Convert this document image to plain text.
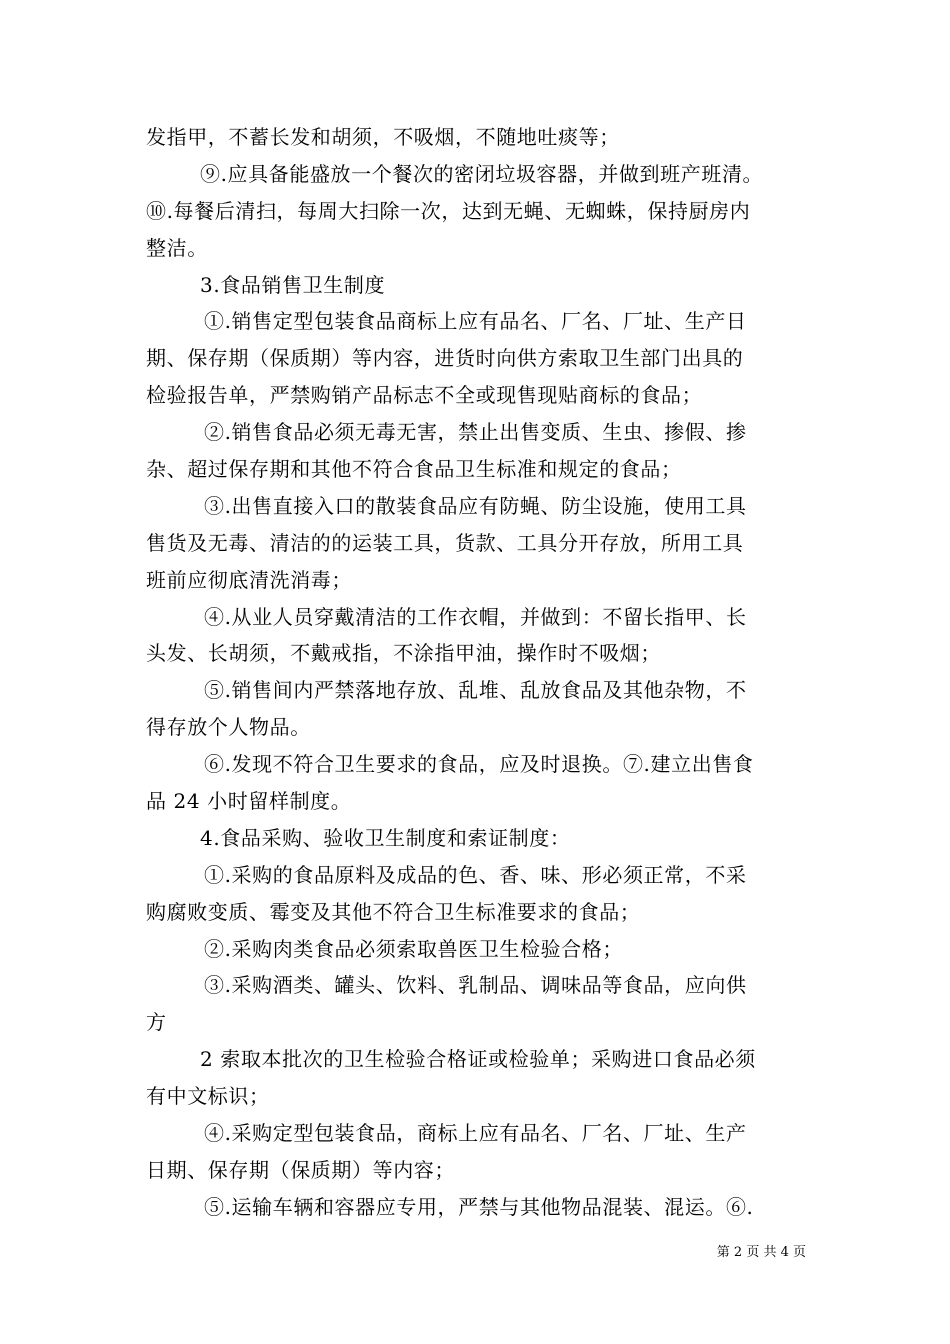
发指甲，不蓄长发和胡须，不吸烟，不随地吐痰等；
⑨.应具备能盛放一个餐次的密闭垃圾容器，并做到班产班清。
⑩.每餐后清扫，每周大扫除一次，达到无蝇、无蜘蛛，保持厨房内
整洁。
3.食品销售卫生制度
①.销售定型包装食品商标上应有品名、厂名、厂址、生产日
期、保存期（保质期）等内容，进货时向供方索取卫生部门出具的
检验报告单，严禁购销产品标志不全或现售现贴商标的食品；
②.销售食品必须无毒无害，禁止出售变质、生虫、掺假、掺
杂、超过保存期和其他不符合食品卫生标准和规定的食品；
③.出售直接入口的散装食品应有防蝇、防尘设施，使用工具
售货及无毒、清洁的的运装工具，货款、工具分开存放，所用工具
班前应彻底清洗消毒；
④.从业人员穿戴清洁的工作衣帽，并做到：不留长指甲、长
头发、长胡须，不戴戒指，不涂指甲油，操作时不吸烟；
⑤.销售间内严禁落地存放、乱堆、乱放食品及其他杂物，不
得存放个人物品。
⑥.发现不符合卫生要求的食品，应及时退换。⑦.建立出售食
品 24 小时留样制度。
4.食品采购、验收卫生制度和索证制度：
①.采购的食品原料及成品的色、香、味、形必须正常，不采
购腐败变质、霉变及其他不符合卫生标准要求的食品；
②.采购肉类食品必须索取兽医卫生检验合格；
③.采购酒类、罐头、饮料、乳制品、调味品等食品，应向供
方
2 索取本批次的卫生检验合格证或检验单；采购进口食品必须
有中文标识；
④.采购定型包装食品，商标上应有品名、厂名、厂址、生产
日期、保存期（保质期）等内容；
⑤.运输车辆和容器应专用，严禁与其他物品混装、混运。⑥.
第 2 页 共 4 页
